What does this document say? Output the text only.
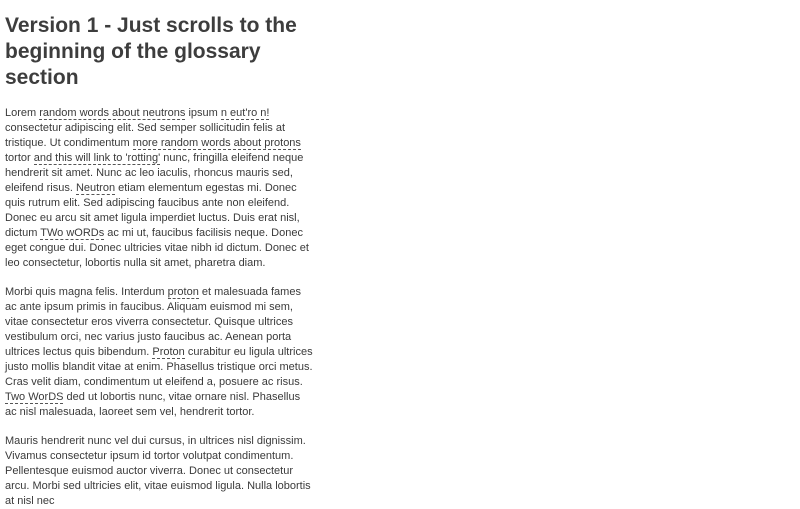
Version 1 - Just scrolls to the beginning of the glossary section

Lorem random words about neutrons ipsum n eut'ro n! consectetur adipiscing elit. Sed semper sollicitudin felis at tristique. Ut condimentum more random words about protons tortor and this will link to 'rotting' nunc, fringilla eleifend neque hendrerit sit amet. Nunc ac leo iaculis, rhoncus mauris sed, eleifend risus. Neutron etiam elementum egestas mi. Donec quis rutrum elit. Sed adipiscing faucibus ante non eleifend. Donec eu arcu sit amet ligula imperdiet luctus. Duis erat nisl, dictum TWo wORDs ac mi ut, faucibus facilisis neque. Donec eget congue dui. Donec ultricies vitae nibh id dictum. Donec et leo consectetur, lobortis nulla sit amet, pharetra diam.

Morbi quis magna felis. Interdum proton et malesuada fames ac ante ipsum primis in faucibus. Aliquam euismod mi sem, vitae consectetur eros viverra consectetur. Quisque ultrices vestibulum orci, nec varius justo faucibus ac. Aenean porta ultrices lectus quis bibendum. Proton curabitur eu ligula ultrices justo mollis blandit vitae at enim. Phasellus tristique orci metus. Cras velit diam, condimentum ut eleifend a, posuere ac risus. Two WorDS ded ut lobortis nunc, vitae ornare nisl. Phasellus ac nisl malesuada, laoreet sem vel, hendrerit tortor.

Mauris hendrerit nunc vel dui cursus, in ultrices nisl dignissim. Vivamus consectetur ipsum id tortor volutpat condimentum. Pellentesque euismod auctor viverra. Donec ut consectetur arcu. Morbi sed ultricies elit, vitae euismod ligula. Nulla lobortis at nisl nec
